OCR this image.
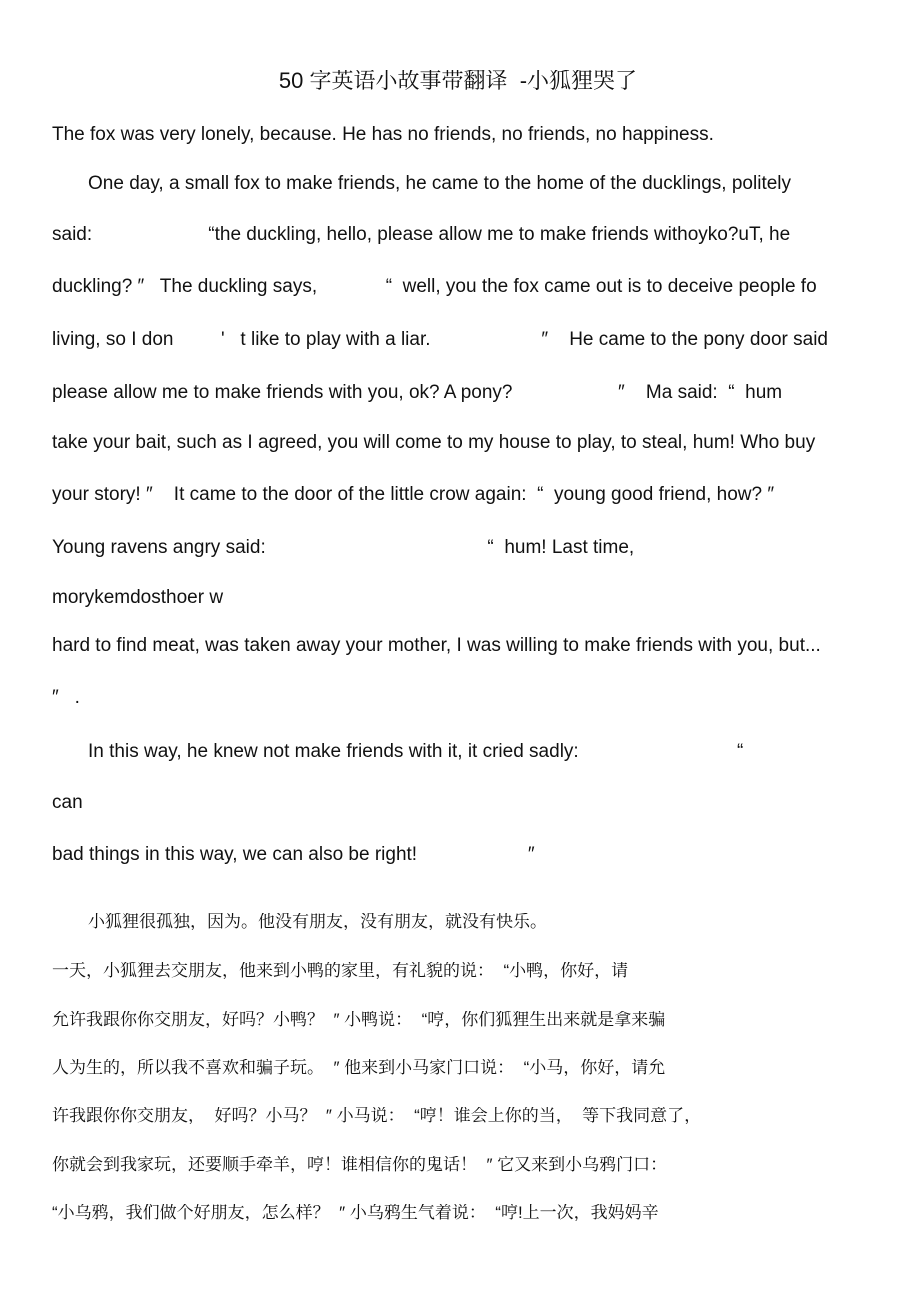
50 字英语小故事带翻译  -小狐狸哭了
The fox was very lonely, because. He has no friends, no friends, no happiness.
One day, a small fox to make friends, he came to the home of the ducklings, politely
said:                      “the duckling, hello, please allow me to make friends withoyko?uT, he
duckling? ″   The duckling says,             “  well, you the fox came out is to deceive people fo
living, so I don         '   t like to play with a liar.                     ″    He came to the pony door said
please allow me to make friends with you, ok? A pony?                    ″    Ma said:  “  hum
take your bait, such as I agreed, you will come to my house to play, to steal, hum! Who buy
your story! ″    It came to the door of the little crow again:  “  young good friend, how? ″
Young ravens angry said:                                          “  hum! Last time,
morykemdosthoer w
hard to find meat, was taken away your mother, I was willing to make friends with you, but...
″   .
In this way, he knew not make friends with it, it cried sadly:                              “
can
bad things in this way, we can also be right!                     ″
小狐狸很孤独，因为。他没有朋友，没有朋友，就没有快乐。
一天，小狐狸去交朋友，他来到小鸭的家里，有礼貌的说：  “小鸭，你好，请
允许我跟你你交朋友，好吗？小鸭？  ″ 小鸭说：  “哼，你们狐狸生出来就是拿来骗
人为生的，所以我不喜欢和骗子玩。  ″ 他来到小马家门口说：  “小马，你好，请允
许我跟你你交朋友，  好吗？小马？  ″ 小马说：  “哼！谁会上你的当，  等下我同意了，
你就会到我家玩，还要顺手牵羊，哼！谁相信你的鬼话！  ″ 它又来到小乌鸦门口：
“小乌鸦，我们做个好朋友，怎么样？  ″ 小乌鸦生气着说：  “哼!上一次，我妈妈辛
